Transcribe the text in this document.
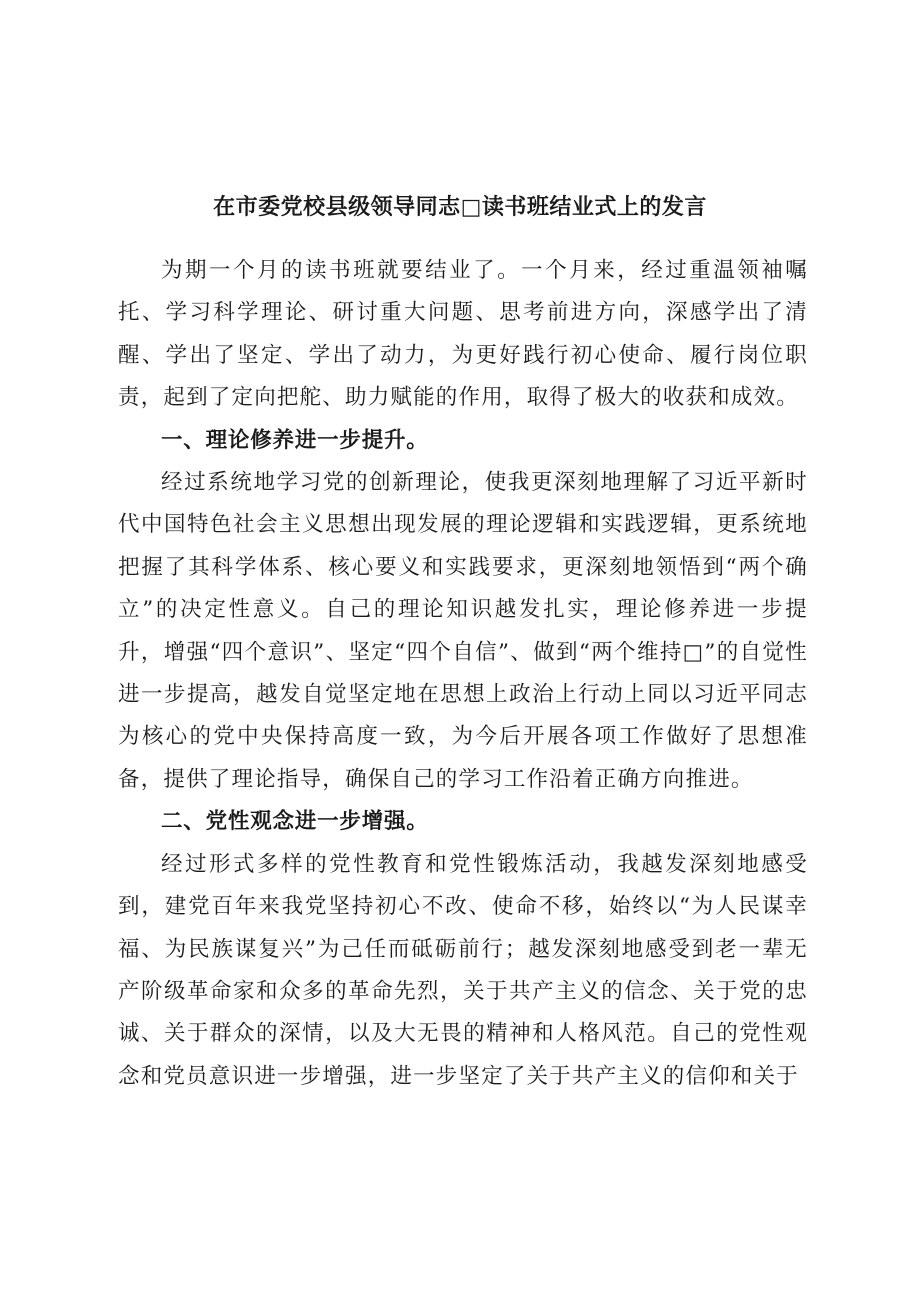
在市委党校县级领导同志□读书班结业式上的发言

为期一个月的读书班就要结业了。一个月来，经过重温领袖嘱托、学习科学理论、研讨重大问题、思考前进方向，深感学出了清醒、学出了坚定、学出了动力，为更好践行初心使命、履行岗位职责，起到了定向把舵、助力赋能的作用，取得了极大的收获和成效。

一、理论修养进一步提升。

经过系统地学习党的创新理论，使我更深刻地理解了习近平新时代中国特色社会主义思想出现发展的理论逻辑和实践逻辑，更系统地把握了其科学体系、核心要义和实践要求，更深刻地领悟到“两个确立”的决定性意义。自己的理论知识越发扎实，理论修养进一步提升，增强“四个意识”、坚定“四个自信”、做到“两个维持□”的自觉性进一步提高，越发自觉坚定地在思想上政治上行动上同以习近平同志为核心的党中央保持高度一致，为今后开展各项工作做好了思想准备，提供了理论指导，确保自己的学习工作沿着正确方向推进。

二、党性观念进一步增强。

经过形式多样的党性教育和党性锻炼活动，我越发深刻地感受到，建党百年来我党坚持初心不改、使命不移，始终以“为人民谋幸福、为民族谋复兴”为己任而砥砺前行；越发深刻地感受到老一辈无产阶级革命家和众多的革命先烈，关于共产主义的信念、关于党的忠诚、关于群众的深情，以及大无畏的精神和人格风范。自己的党性观念和党员意识进一步增强，进一步坚定了关于共产主义的信仰和关于
